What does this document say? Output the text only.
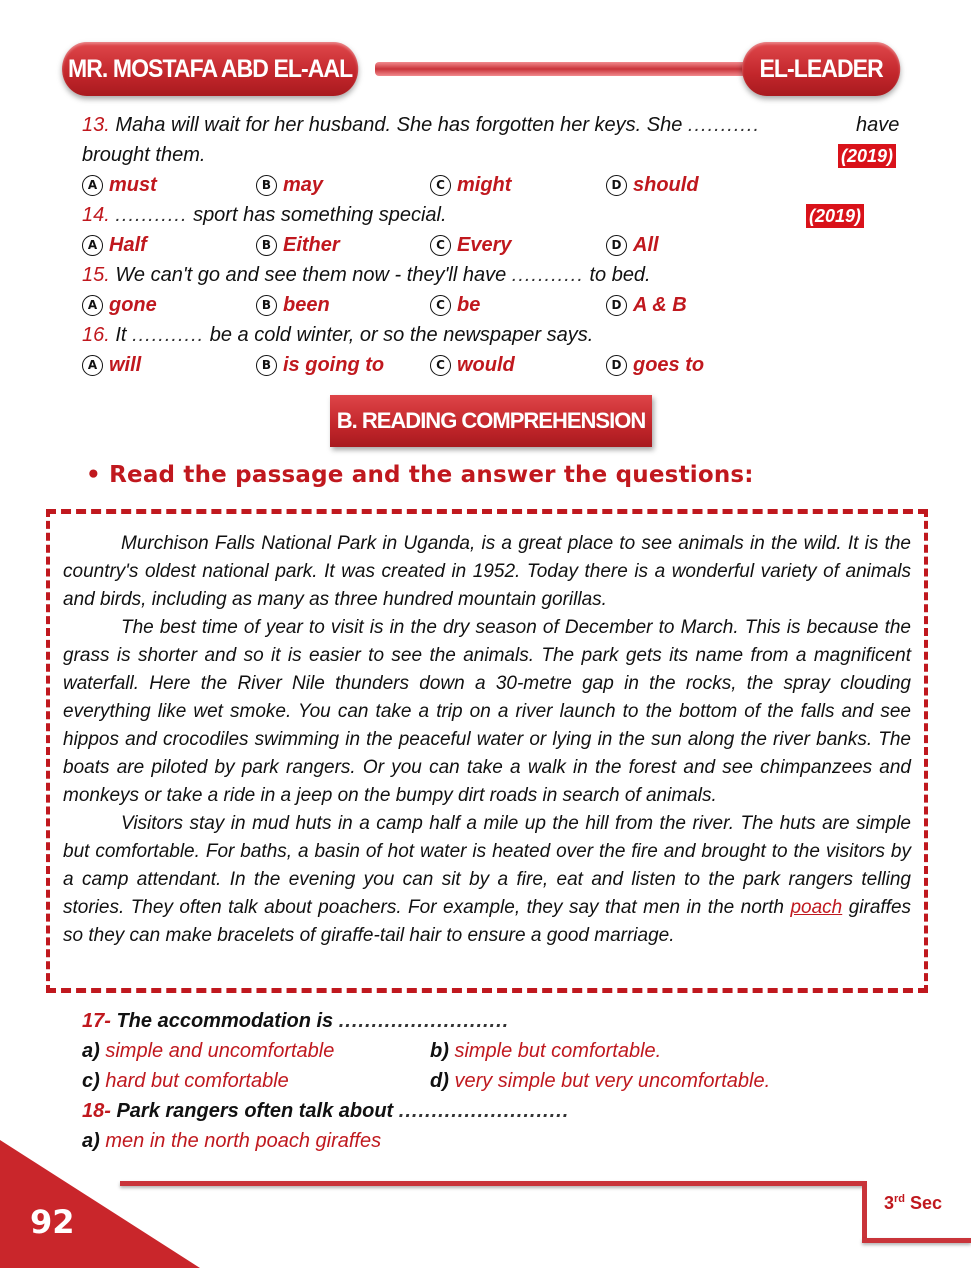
MR. MOSTAFA ABD EL-AAL	EL-LEADER
13. Maha will wait for her husband. She has forgotten her keys. She ...........	have
brought them.	(2019)
A must	B may	C might	D should
14. ........... sport has something special.	(2019)
A Half	B Either	C Every	D All
15. We can't go and see them now - they'll have ........... to bed.
A gone	B been	C be	D A & B
16. It ........... be a cold winter, or so the newspaper says.
A will	B is going to	C would	D goes to
B. READING COMPREHENSION
• Read the passage and the answer the questions:

Murchison Falls National Park in Uganda, is a great place to see animals in the wild. It is the country's oldest national park. It was created in 1952. Today there is a wonderful variety of animals and birds, including as many as three hundred mountain gorillas.

The best time of year to visit is in the dry season of December to March. This is because the grass is shorter and so it is easier to see the animals. The park gets its name from a magnificent waterfall. Here the River Nile thunders down a 30-metre gap in the rocks, the spray clouding everything like wet smoke. You can take a trip on a river launch to the bottom of the falls and see hippos and crocodiles swimming in the peaceful water or lying in the sun along the river banks. The boats are piloted by park rangers. Or you can take a walk in the forest and see chimpanzees and monkeys or take a ride in a jeep on the bumpy dirt roads in search of animals.

Visitors stay in mud huts in a camp half a mile up the hill from the river. The huts are simple but comfortable. For baths, a basin of hot water is heated over the fire and brought to the visitors by a camp attendant. In the evening you can sit by a fire, eat and listen to the park rangers telling stories. They often talk about poachers. For example, they say that men in the north poach giraffes so they can make bracelets of giraffe-tail hair to ensure a good marriage.

17- The accommodation is ..........................
a) simple and uncomfortable	b) simple but comfortable.
c) hard but comfortable	d) very simple but very uncomfortable.
18- Park rangers often talk about ..........................
a) men in the north poach giraffes
92	3rd Sec
